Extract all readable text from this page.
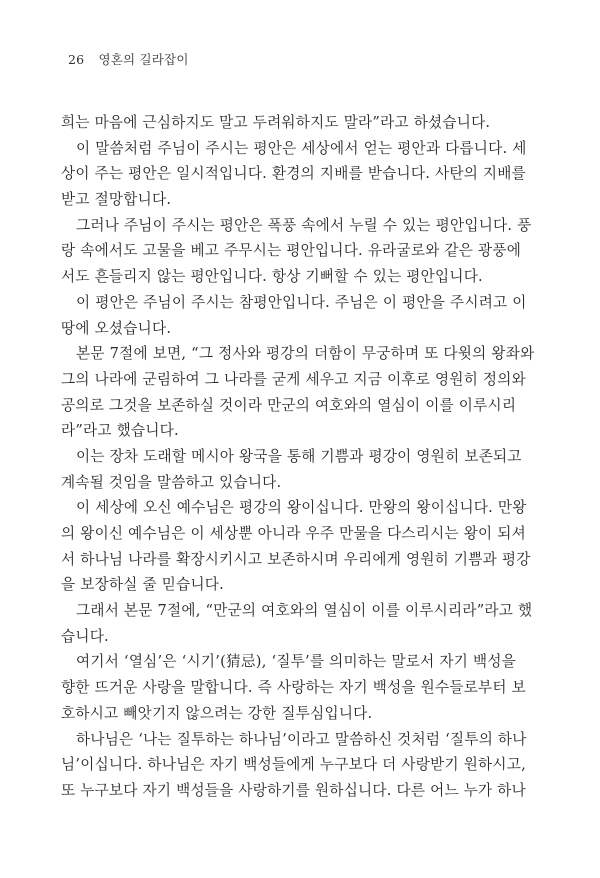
26 영혼의 길라잡이
희는 마음에 근심하지도 말고 두려워하지도 말라”라고 하셨습니다.
이 말씀처럼 주님이 주시는 평안은 세상에서 얻는 평안과 다릅니다. 세
상이 주는 평안은 일시적입니다. 환경의 지배를 받습니다. 사탄의 지배를
받고 절망합니다.
그러나 주님이 주시는 평안은 폭풍 속에서 누릴 수 있는 평안입니다. 풍
랑 속에서도 고물을 베고 주무시는 평안입니다. 유라굴로와 같은 광풍에
서도 흔들리지 않는 평안입니다. 항상 기뻐할 수 있는 평안입니다.
이 평안은 주님이 주시는 참평안입니다. 주님은 이 평안을 주시려고 이
땅에 오셨습니다.
본문 7절에 보면, “그 정사와 평강의 더함이 무궁하며 또 다윗의 왕좌와
그의 나라에 군림하여 그 나라를 굳게 세우고 지금 이후로 영원히 정의와
공의로 그것을 보존하실 것이라 만군의 여호와의 열심이 이를 이루시리
라”라고 했습니다.
이는 장차 도래할 메시아 왕국을 통해 기쁨과 평강이 영원히 보존되고
계속될 것임을 말씀하고 있습니다.
이 세상에 오신 예수님은 평강의 왕이십니다. 만왕의 왕이십니다. 만왕
의 왕이신 예수님은 이 세상뿐 아니라 우주 만물을 다스리시는 왕이 되셔
서 하나님 나라를 확장시키시고 보존하시며 우리에게 영원히 기쁨과 평강
을 보장하실 줄 믿습니다.
그래서 본문 7절에, “만군의 여호와의 열심이 이를 이루시리라”라고 했
습니다.
여기서 ‘열심’은 ‘시기’(猜忌), ‘질투’를 의미하는 말로서 자기 백성을
향한 뜨거운 사랑을 말합니다. 즉 사랑하는 자기 백성을 원수들로부터 보
호하시고 빼앗기지 않으려는 강한 질투심입니다.
하나님은 ‘나는 질투하는 하나님’이라고 말씀하신 것처럼 ‘질투의 하나
님’이십니다. 하나님은 자기 백성들에게 누구보다 더 사랑받기 원하시고,
또 누구보다 자기 백성들을 사랑하기를 원하십니다. 다른 어느 누가 하나
